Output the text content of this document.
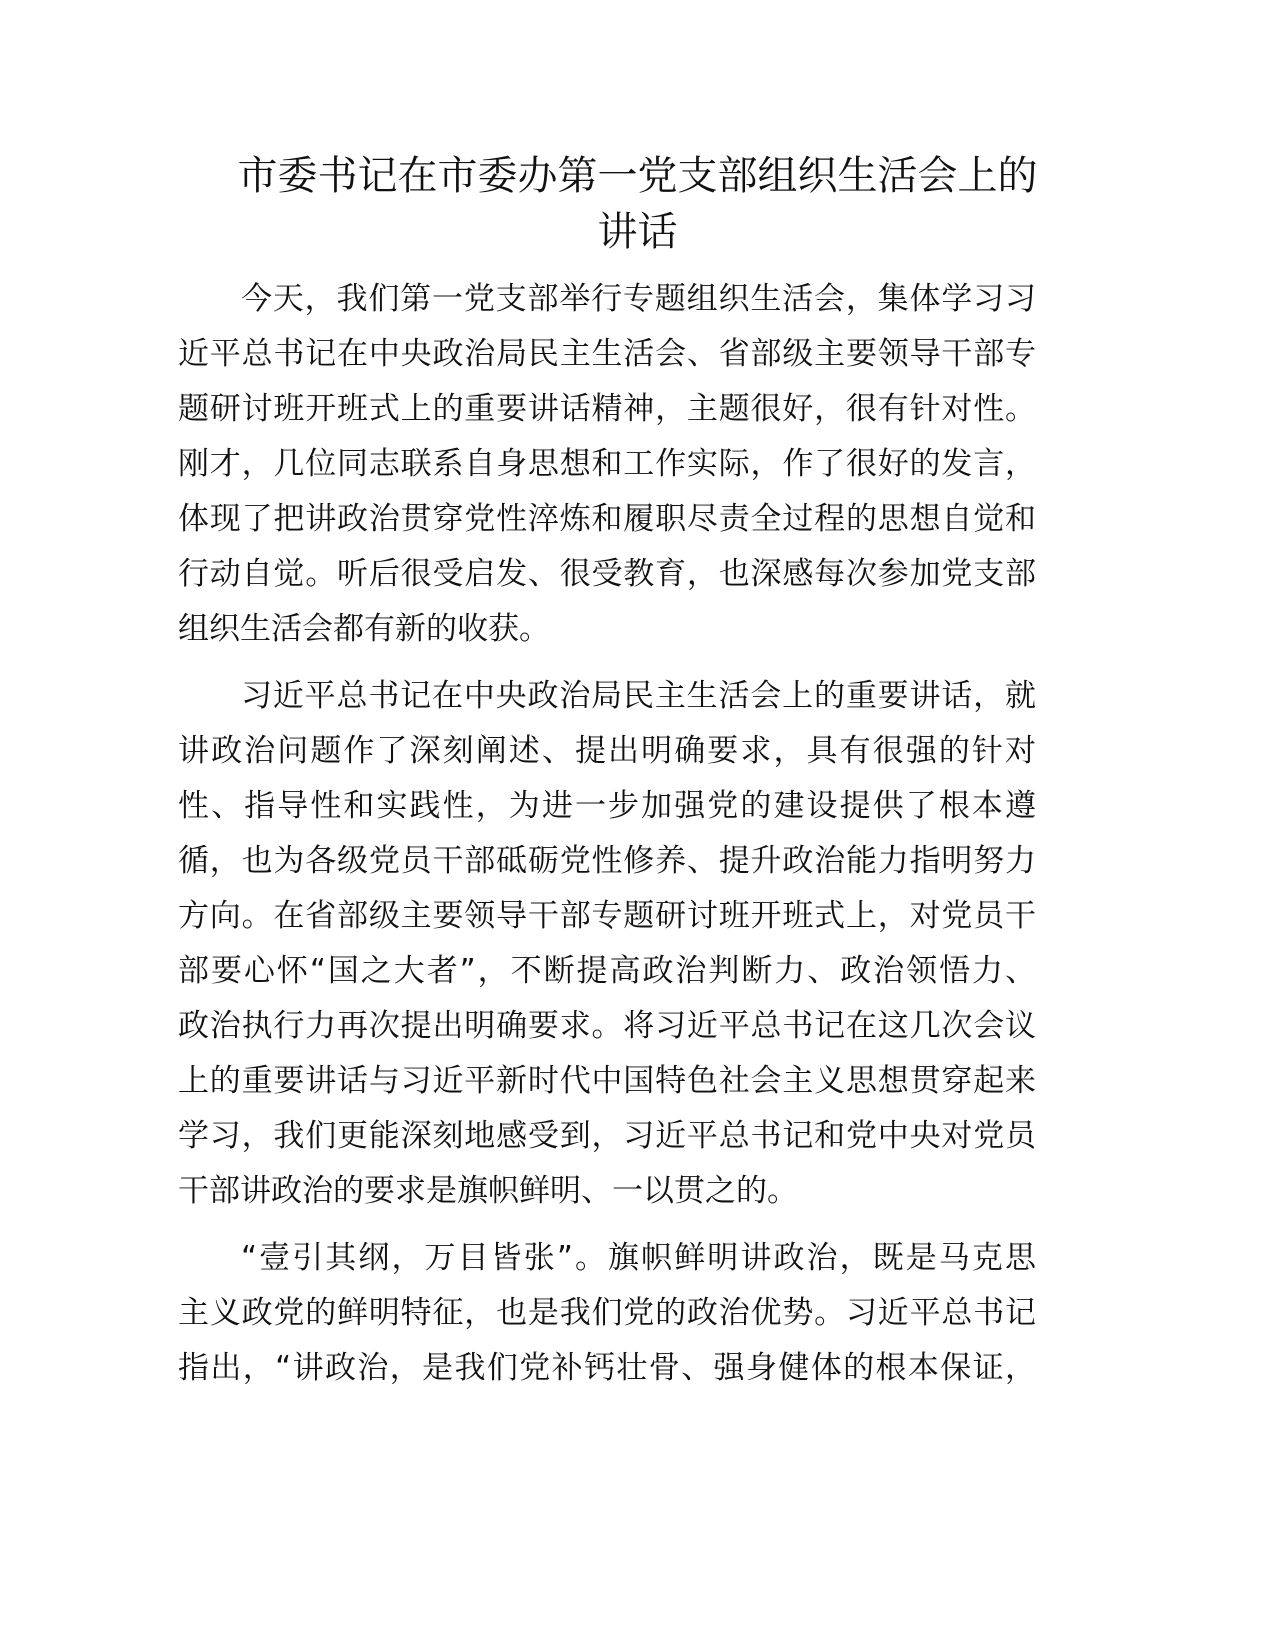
市委书记在市委办第一党支部组织生活会上的
讲话
今天，我们第一党支部举行专题组织生活会，集体学习习
近平总书记在中央政治局民主生活会、省部级主要领导干部专
题研讨班开班式上的重要讲话精神，主题很好，很有针对性。
刚才，几位同志联系自身思想和工作实际，作了很好的发言，
体现了把讲政治贯穿党性淬炼和履职尽责全过程的思想自觉和
行动自觉。听后很受启发、很受教育，也深感每次参加党支部
组织生活会都有新的收获。
习近平总书记在中央政治局民主生活会上的重要讲话，就
讲政治问题作了深刻阐述、提出明确要求，具有很强的针对
性、指导性和实践性，为进一步加强党的建设提供了根本遵
循，也为各级党员干部砥砺党性修养、提升政治能力指明努力
方向。在省部级主要领导干部专题研讨班开班式上，对党员干
部要心怀“国之大者”，不断提高政治判断力、政治领悟力、
政治执行力再次提出明确要求。将习近平总书记在这几次会议
上的重要讲话与习近平新时代中国特色社会主义思想贯穿起来
学习，我们更能深刻地感受到，习近平总书记和党中央对党员
干部讲政治的要求是旗帜鲜明、一以贯之的。
“壹引其纲，万目皆张”。旗帜鲜明讲政治，既是马克思
主义政党的鲜明特征，也是我们党的政治优势。习近平总书记
指出，“讲政治，是我们党补钙壮骨、强身健体的根本保证，
